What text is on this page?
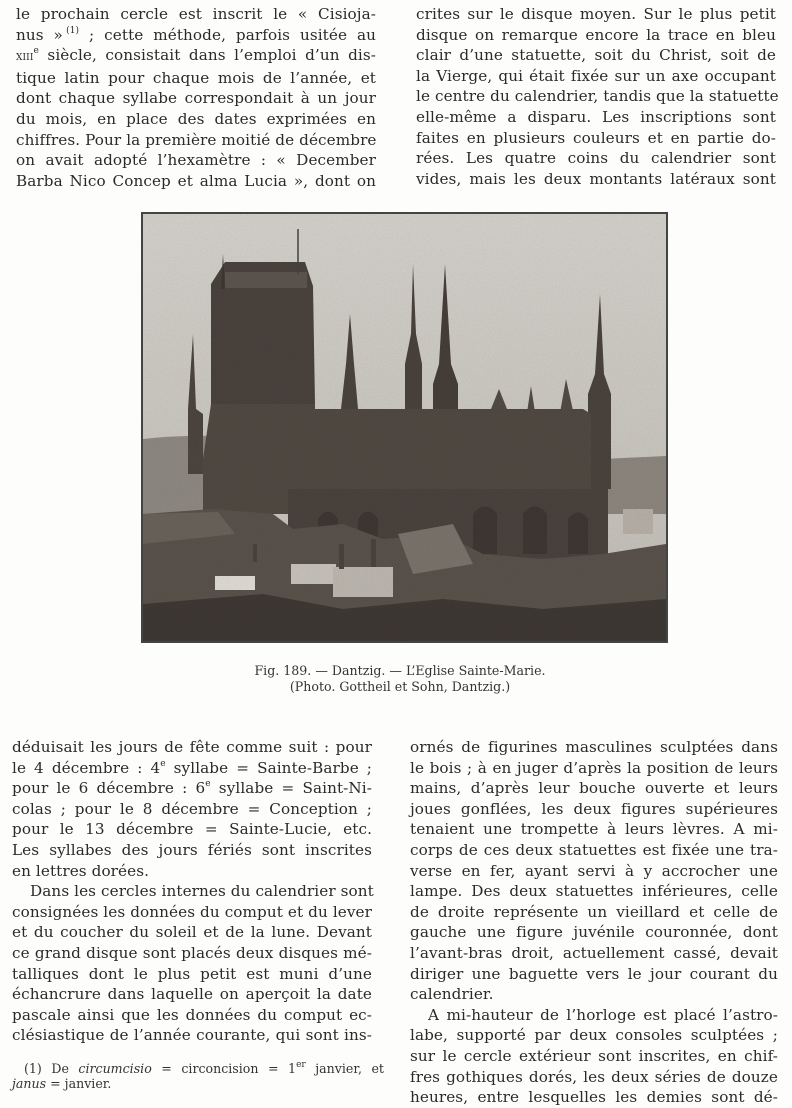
le prochain cercle est inscrit le « Cisioja-
nus » $^{(1)}$ ; cette méthode, parfois usitée au
xiii$^e$ siècle, consistait dans l’emploi d’un dis-
tique latin pour chaque mois de l’année, et
dont chaque syllabe correspondait à un jour
du mois, en place des dates exprimées en
chiffres. Pour la première moitié de décembre
on avait adopté l’hexamètre : « December
Barba Nico Concep et alma Lucia », dont on
crites sur le disque moyen. Sur le plus petit
disque on remarque encore la trace en bleu
clair d’une statuette, soit du Christ, soit de
la Vierge, qui était fixée sur un axe occupant
le centre du calendrier, tandis que la statuette
elle-même a disparu. Les inscriptions sont
faites en plusieurs couleurs et en partie do-
rées. Les quatre coins du calendrier sont
vides, mais les deux montants latéraux sont
Fig. 189. — Dantzig. — L’Eglise Sainte-Marie.
(Photo. Gottheil et Sohn, Dantzig.)
déduisait les jours de fête comme suit : pour
le 4 décembre : 4e syllabe = Sainte-Barbe ;
pour le 6 décembre : 6e syllabe = Saint-Ni-
colas ; pour le 8 décembre = Conception ;
pour le 13 décembre = Sainte-Lucie, etc.
Les syllabes des jours fériés sont inscrites
en lettres dorées.
Dans les cercles internes du calendrier sont
consignées les données du comput et du lever
et du coucher du soleil et de la lune. Devant
ce grand disque sont placés deux disques mé-
talliques dont le plus petit est muni d’une
échancrure dans laquelle on aperçoit la date
pascale ainsi que les données du comput ec-
clésiastique de l’année courante, qui sont ins-
ornés de figurines masculines sculptées dans
le bois ; à en juger d’après la position de leurs
mains, d’après leur bouche ouverte et leurs
joues gonflées, les deux figures supérieures
tenaient une trompette à leurs lèvres. A mi-
corps de ces deux statuettes est fixée une tra-
verse en fer, ayant servi à y accrocher une
lampe. Des deux statuettes inférieures, celle
de droite représente un vieillard et celle de
gauche une figure juvénile couronnée, dont
l’avant-bras droit, actuellement cassé, devait
diriger une baguette vers le jour courant du
calendrier.
A mi-hauteur de l’horloge est placé l’astro-
labe, supporté par deux consoles sculptées ;
sur le cercle extérieur sont inscrites, en chif-
fres gothiques dorés, les deux séries de douze
heures, entre lesquelles les demies sont dé-
(1) De circumcisio = circoncision = 1er janvier, et
janus = janvier.
